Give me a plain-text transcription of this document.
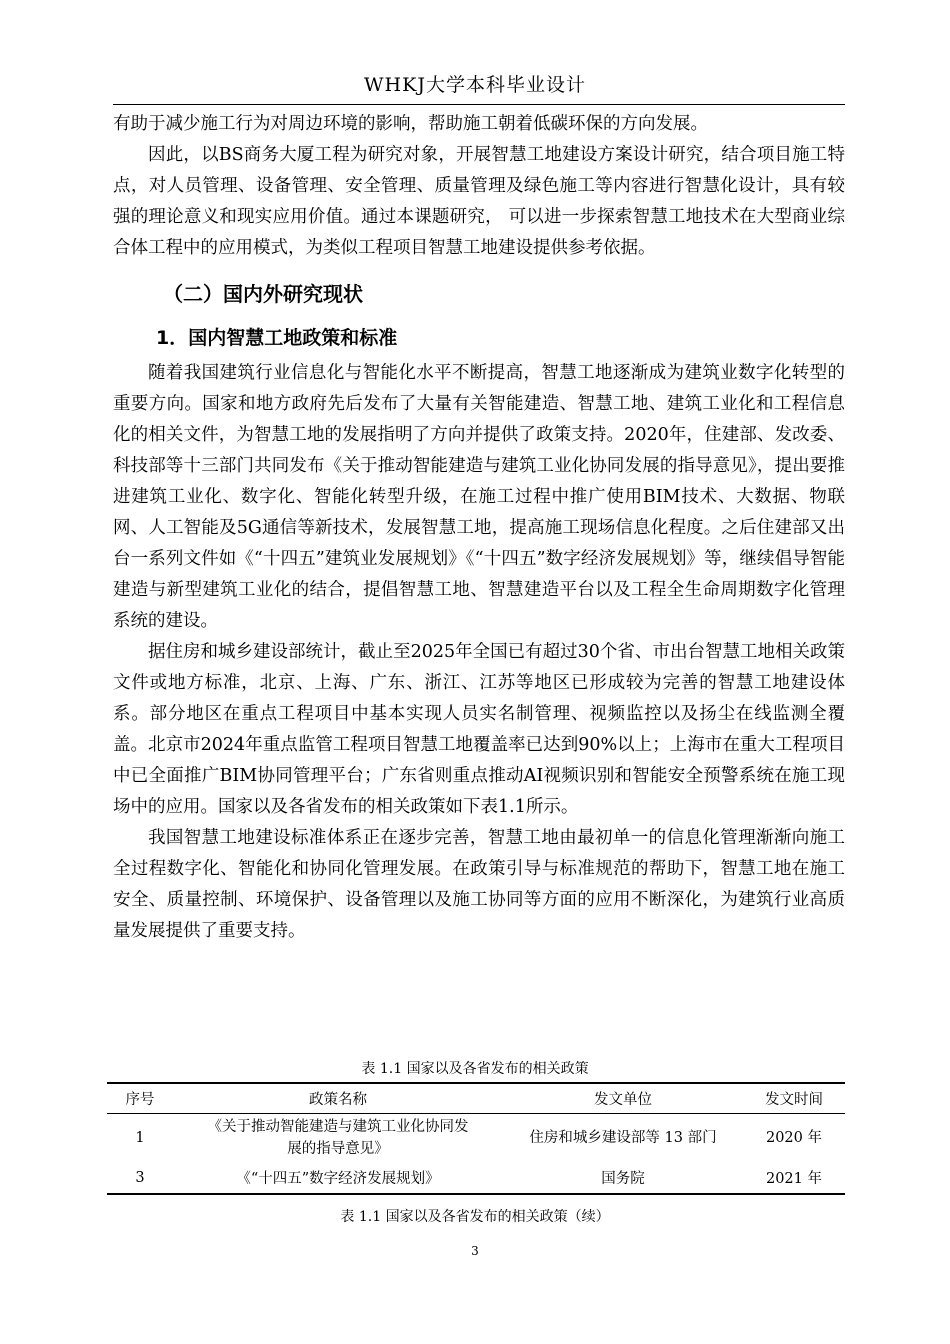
WHKJ大学本科毕业设计

有助于减少施工行为对周边环境的影响，帮助施工朝着低碳环保的方向发展。

因此，以BS商务大厦工程为研究对象，开展智慧工地建设方案设计研究，结合项目施工特点，对人员管理、设备管理、安全管理、质量管理及绿色施工等内容进行智慧化设计，具有较强的理论意义和现实应用价值。通过本课题研究， 可以进一步探索智慧工地技术在大型商业综合体工程中的应用模式，为类似工程项目智慧工地建设提供参考依据。

（二）国内外研究现状
1．国内智慧工地政策和标准

随着我国建筑行业信息化与智能化水平不断提高，智慧工地逐渐成为建筑业数字化转型的重要方向。国家和地方政府先后发布了大量有关智能建造、智慧工地、建筑工业化和工程信息化的相关文件，为智慧工地的发展指明了方向并提供了政策支持。2020年，住建部、发改委、科技部等十三部门共同发布《关于推动智能建造与建筑工业化协同发展的指导意见》，提出要推进建筑工业化、数字化、智能化转型升级，在施工过程中推广使用BIM技术、大数据、物联网、人工智能及5G通信等新技术，发展智慧工地，提高施工现场信息化程度。之后住建部又出台一系列文件如《“十四五”建筑业发展规划》《“十四五”数字经济发展规划》等，继续倡导智能建造与新型建筑工业化的结合，提倡智慧工地、智慧建造平台以及工程全生命周期数字化管理系统的建设。

据住房和城乡建设部统计，截止至2025年全国已有超过30个省、市出台智慧工地相关政策文件或地方标准，北京、上海、广东、浙江、江苏等地区已形成较为完善的智慧工地建设体系。部分地区在重点工程项目中基本实现人员实名制管理、视频监控以及扬尘在线监测全覆盖。北京市2024年重点监管工程项目智慧工地覆盖率已达到90%以上；上海市在重大工程项目中已全面推广BIM协同管理平台；广东省则重点推动AI视频识别和智能安全预警系统在施工现场中的应用。国家以及各省发布的相关政策如下表1.1所示。

我国智慧工地建设标准体系正在逐步完善，智慧工地由最初单一的信息化管理渐渐向施工全过程数字化、智能化和协同化管理发展。在政策引导与标准规范的帮助下，智慧工地在施工安全、质量控制、环境保护、设备管理以及施工协同等方面的应用不断深化，为建筑行业高质量发展提供了重要支持。

表 1.1 国家以及各省发布的相关政策
序号	政策名称	发文单位	发文时间
1	《关于推动智能建造与建筑工业化协同发
展的指导意见》	住房和城乡建设部等 13 部门	2020 年
3	《“十四五”数字经济发展规划》	国务院	2021 年
表 1.1 国家以及各省发布的相关政策（续）
3
